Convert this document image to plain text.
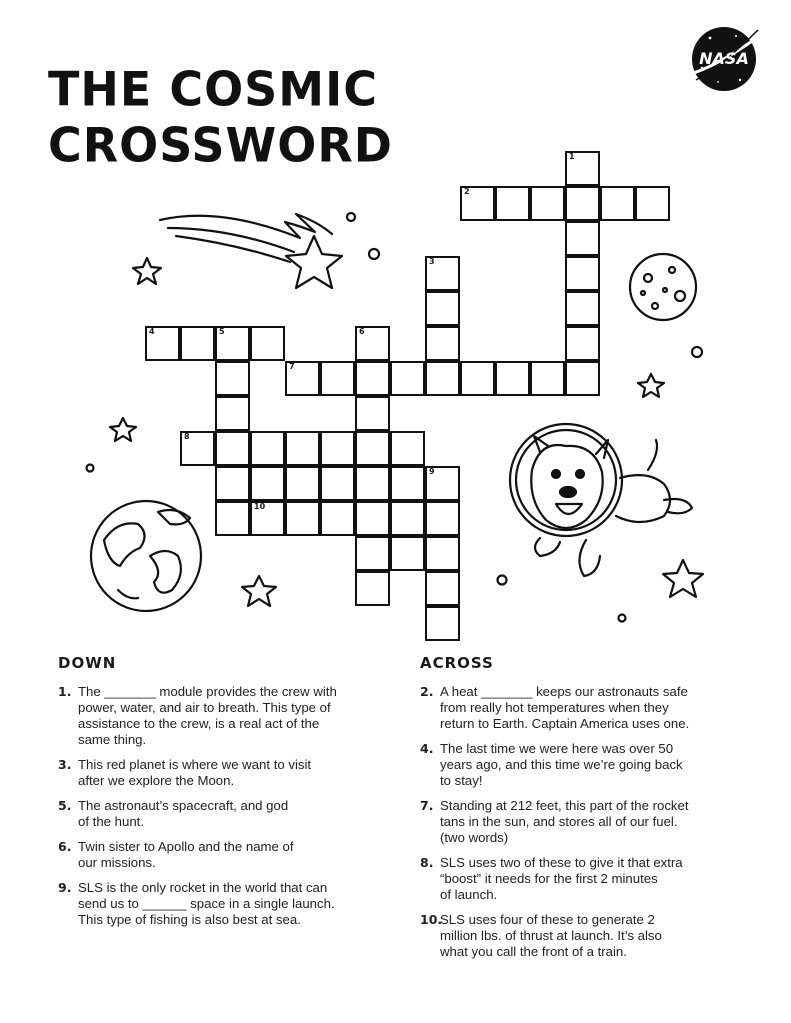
THE COSMIC
CROSSWORD
NASA
1
2
3
4	5	6
7
8
9
10
DOWN
1. The _______ module provides the crew with
power, water, and air to breath. This type of
assistance to the crew, is a real act of the
same thing.
3. This red planet is where we want to visit
after we explore the Moon.
5. The astronaut’s spacecraft, and god
of the hunt.
6. Twin sister to Apollo and the name of
our missions.
9. SLS is the only rocket in the world that can
send us to ______ space in a single launch.
This type of fishing is also best at sea.
ACROSS
2. A heat _______ keeps our astronauts safe
from really hot temperatures when they
return to Earth. Captain America uses one.
4. The last time we were here was over 50
years ago, and this time we’re going back
to stay!
7. Standing at 212 feet, this part of the rocket
tans in the sun, and stores all of our fuel.
(two words)
8. SLS uses two of these to give it that extra
“boost” it needs for the first 2 minutes
of launch.
10.
SLS uses four of these to generate 2
million lbs. of thrust at launch. It’s also
what you call the front of a train.
